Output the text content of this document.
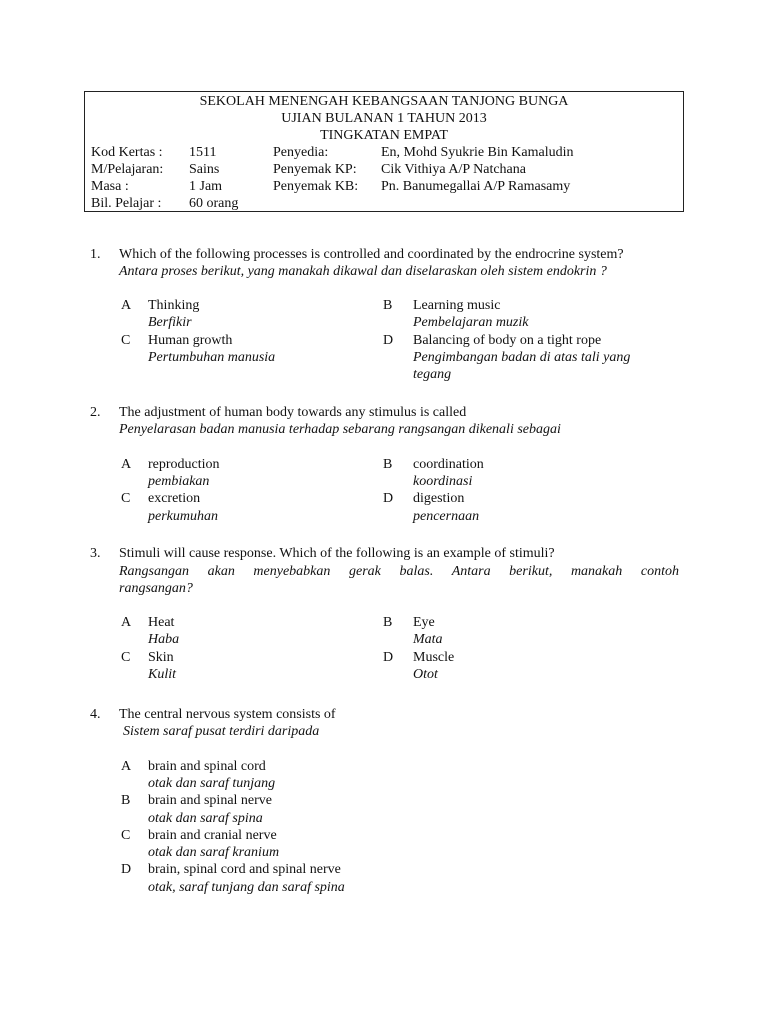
SEKOLAH MENENGAH KEBANGSAAN TANJONG BUNGA
UJIAN BULANAN 1 TAHUN 2013
TINGKATAN EMPAT
Kod Kertas : 1511	Penyedia:	En, Mohd Syukrie Bin Kamaludin
M/Pelajaran: Sains	Penyemak KP: Cik Vithiya A/P Natchana
Masa :	1 Jam	Penyemak KB: Pn. Banumegallai A/P Ramasamy
Bil. Pelajar : 60 orang
1. Which of the following processes is controlled and coordinated by the endrocrine system?
Antara proses berikut, yang manakah dikawal dan diselaraskan oleh sistem endokrin ?
A Thinking
Berfikir
B Learning music
Pembelajaran muzik
C Human growth
Pertumbuhan manusia
D Balancing of body on a tight rope
Pengimbangan badan di atas tali yang
tegang
2. The adjustment of human body towards any stimulus is called
Penyelarasan badan manusia terhadap sebarang rangsangan dikenali sebagai
A reproduction
pembiakan
B coordination
koordinasi
C excretion
perkumuhan
D digestion
pencernaan
3. Stimuli will cause response. Which of the following is an example of stimuli?
Rangsangan akan menyebabkan gerak balas. Antara berikut, manakah contoh
rangsangan?
A Heat
Haba
B Eye
Mata
C Skin
Kulit
D Muscle
Otot
4. The central nervous system consists of
Sistem saraf pusat terdiri daripada
A brain and spinal cord
otak dan saraf tunjang
B brain and spinal nerve
otak dan saraf spina
C brain and cranial nerve
otak dan saraf kranium
D brain, spinal cord and spinal nerve
otak, saraf tunjang dan saraf spina
